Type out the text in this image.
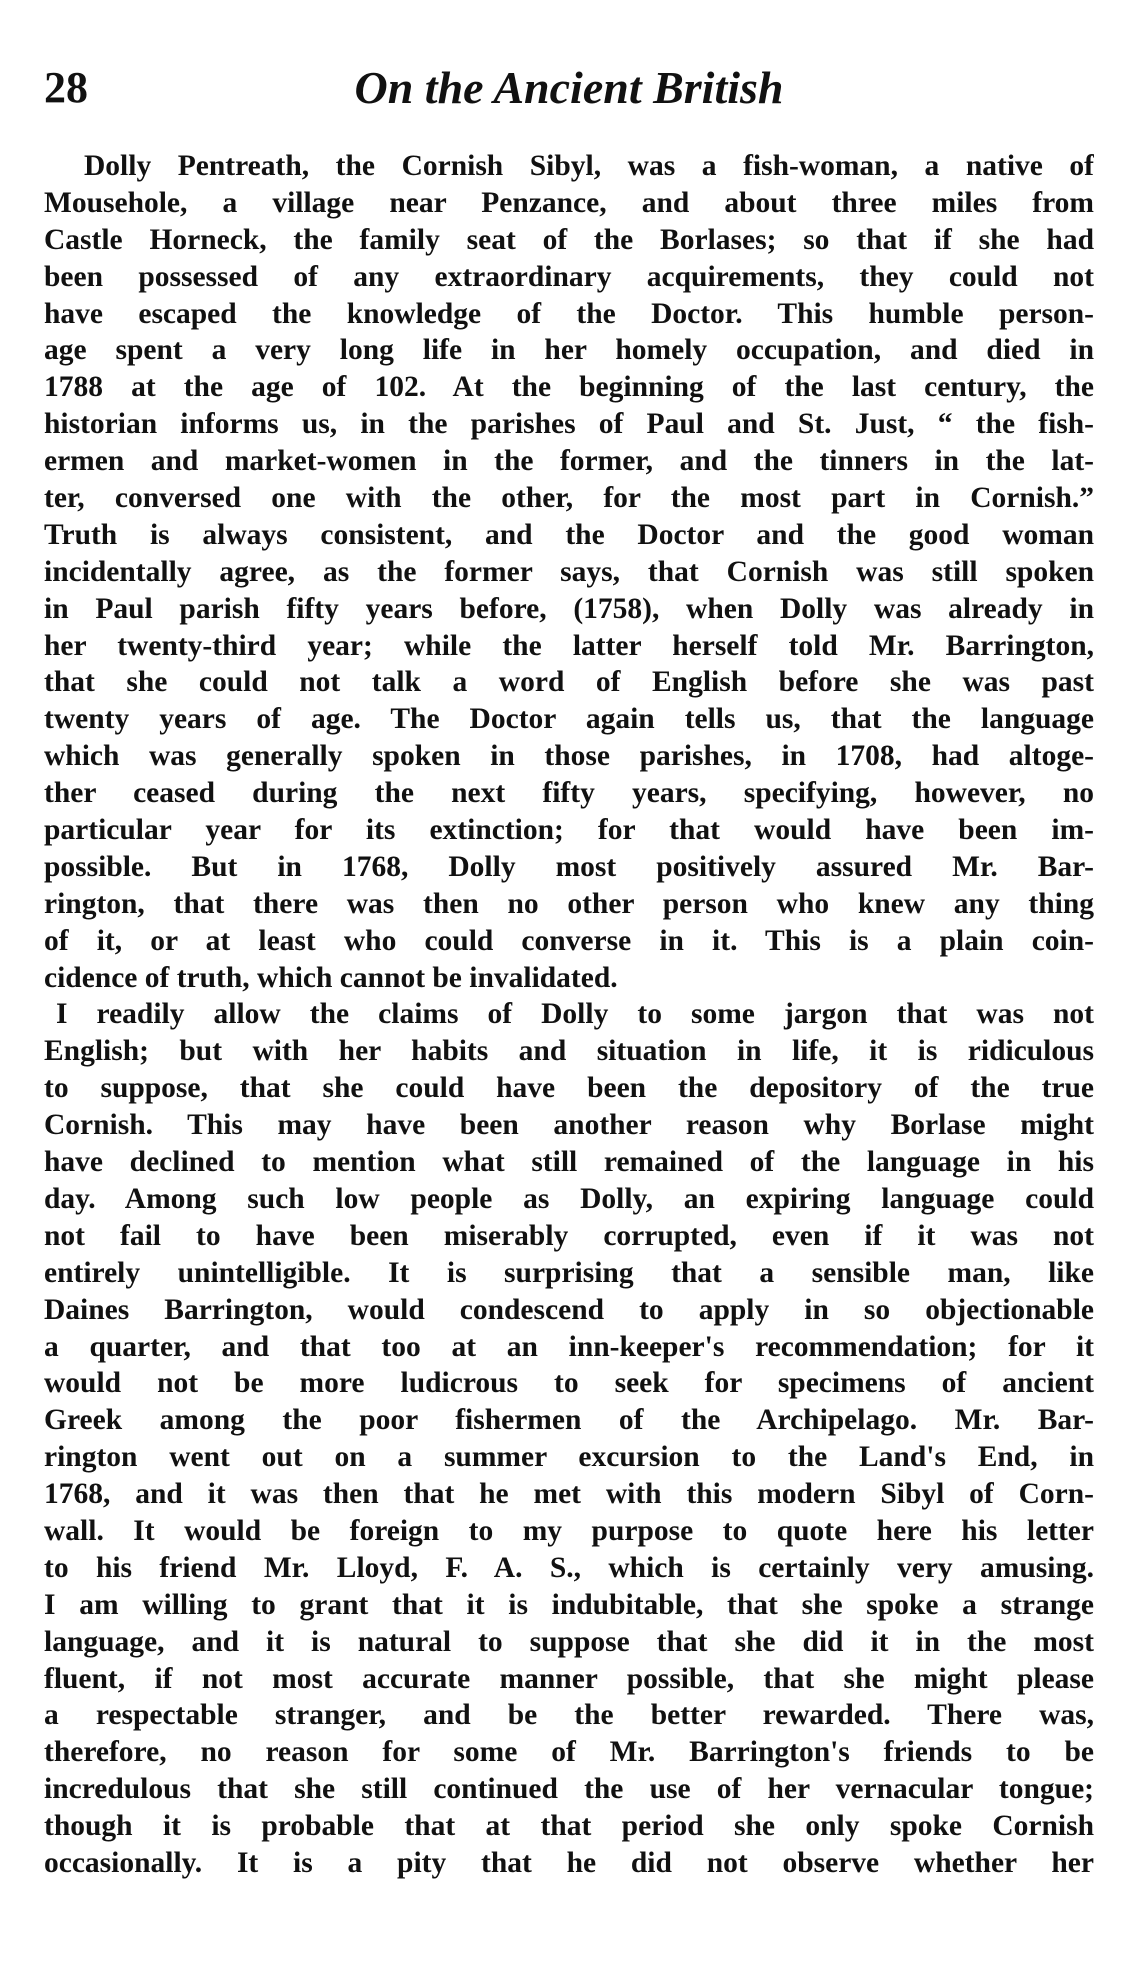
28	On the Ancient British
Dolly Pentreath, the Cornish Sibyl, was a fish-woman, a native of
Mousehole, a village near Penzance, and about three miles from
Castle Horneck, the family seat of the Borlases; so that if she had
been possessed of any extraordinary acquirements, they could not
have escaped the knowledge of the Doctor. This humble person-
age spent a very long life in her homely occupation, and died in
1788 at the age of 102. At the beginning of the last century, the
historian informs us, in the parishes of Paul and St. Just, “ the fish-
ermen and market-women in the former, and the tinners in the lat-
ter, conversed one with the other, for the most part in Cornish.”
Truth is always consistent, and the Doctor and the good woman
incidentally agree, as the former says, that Cornish was still spoken
in Paul parish fifty years before, (1758), when Dolly was already in
her twenty-third year; while the latter herself told Mr. Barrington,
that she could not talk a word of English before she was past
twenty years of age. The Doctor again tells us, that the language
which was generally spoken in those parishes, in 1708, had altoge-
ther ceased during the next fifty years, specifying, however, no
particular year for its extinction; for that would have been im-
possible. But in 1768, Dolly most positively assured Mr. Bar-
rington, that there was then no other person who knew any thing
of it, or at least who could converse in it. This is a plain coin-
cidence of truth, which cannot be invalidated.
I readily allow the claims of Dolly to some jargon that was not
English; but with her habits and situation in life, it is ridiculous
to suppose, that she could have been the depository of the true
Cornish. This may have been another reason why Borlase might
have declined to mention what still remained of the language in his
day. Among such low people as Dolly, an expiring language could
not fail to have been miserably corrupted, even if it was not
entirely unintelligible. It is surprising that a sensible man, like
Daines Barrington, would condescend to apply in so objectionable
a quarter, and that too at an inn-keeper's recommendation; for it
would not be more ludicrous to seek for specimens of ancient
Greek among the poor fishermen of the Archipelago. Mr. Bar-
rington went out on a summer excursion to the Land's End, in
1768, and it was then that he met with this modern Sibyl of Corn-
wall. It would be foreign to my purpose to quote here his letter
to his friend Mr. Lloyd, F. A. S., which is certainly very amusing.
I am willing to grant that it is indubitable, that she spoke a strange
language, and it is natural to suppose that she did it in the most
fluent, if not most accurate manner possible, that she might please
a respectable stranger, and be the better rewarded. There was,
therefore, no reason for some of Mr. Barrington's friends to be
incredulous that she still continued the use of her vernacular tongue;
though it is probable that at that period she only spoke Cornish
occasionally. It is a pity that he did not observe whether her
